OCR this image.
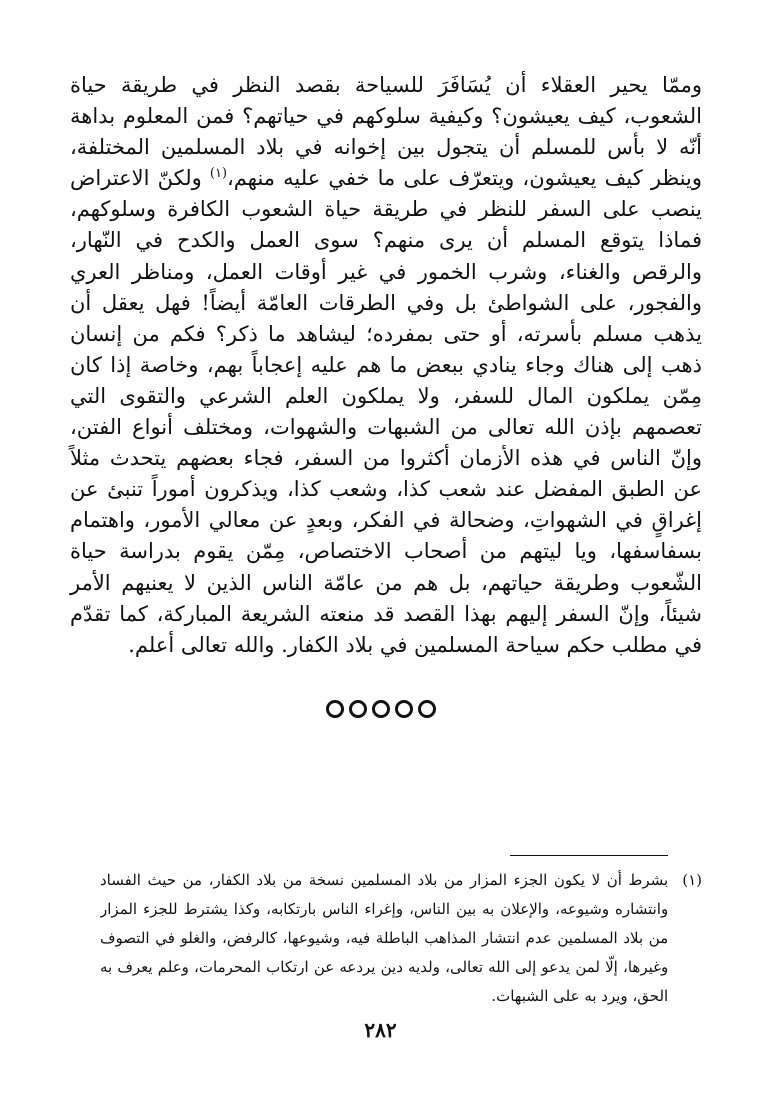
وممّا يحير العقلاء أن يُسَافَرَ للسياحة بقصد النظر في طريقة حياة الشعوب، كيف يعيشون؟ وكيفية سلوكهم في حياتهم؟ فمن المعلوم بداهة أنّه لا بأس للمسلم أن يتجول بين إخوانه في بلاد المسلمين المختلفة، وينظر كيف يعيشون، ويتعرّف على ما خفي عليه منهم،$^{(١)}$ ولكنّ الاعتراض ينصب على السفر للنظر في طريقة حياة الشعوب الكافرة وسلوكهم، فماذا يتوقع المسلم أن يرى منهم؟ سوى العمل والكدح في النّهار، والرقص والغناء، وشرب الخمور في غير أوقات العمل، ومناظر العري والفجور، على الشواطئ بل وفي الطرقات العامّة أيضاً! فهل يعقل أن يذهب مسلم بأسرته، أو حتى بمفرده؛ ليشاهد ما ذكر؟ فكم من إنسان ذهب إلى هناك وجاء ينادي ببعض ما هم عليه إعجاباً بهم، وخاصة إذا كان مِمّن يملكون المال للسفر، ولا يملكون العلم الشرعي والتقوى التي تعصمهم بإذن الله تعالى من الشبهات والشهوات، ومختلف أنواع الفتن، وإنّ الناس في هذه الأزمان أكثروا من السفر، فجاء بعضهم يتحدث مثلاً عن الطبق المفضل عند شعب كذا، وشعب كذا، ويذكرون أموراً تنبئ عن إغراقٍ في الشهواتِ، وضحالة في الفكر، وبعدٍ عن معالي الأمور، واهتمام بسفاسفها، ويا ليتهم من أصحاب الاختصاص، مِمّن يقوم بدراسة حياة الشّعوب وطريقة حياتهم، بل هم من عامّة الناس الذين لا يعنيهم الأمر شيئاً، وإنّ السفر إليهم بهذا القصد قد منعته الشريعة المباركة، كما تقدّم في مطلب حكم سياحة المسلمين في بلاد الكفار. والله تعالى أعلم.

(١)
بشرط أن لا يكون الجزء المزار من بلاد المسلمين نسخة من بلاد الكفار، من حيث الفساد وانتشاره وشيوعه، والإعلان به بين الناس، وإغراء الناس بارتكابه، وكذا يشترط للجزء المزار من بلاد المسلمين عدم انتشار المذاهب الباطلة فيه، وشيوعها، كالرفض، والغلو في التصوف وغيرها، إلّا لمن يدعو إلى الله تعالى، ولديه دين يردعه عن ارتكاب المحرمات، وعلم يعرف به الحق، ويرد به على الشبهات.
٢٨٢
